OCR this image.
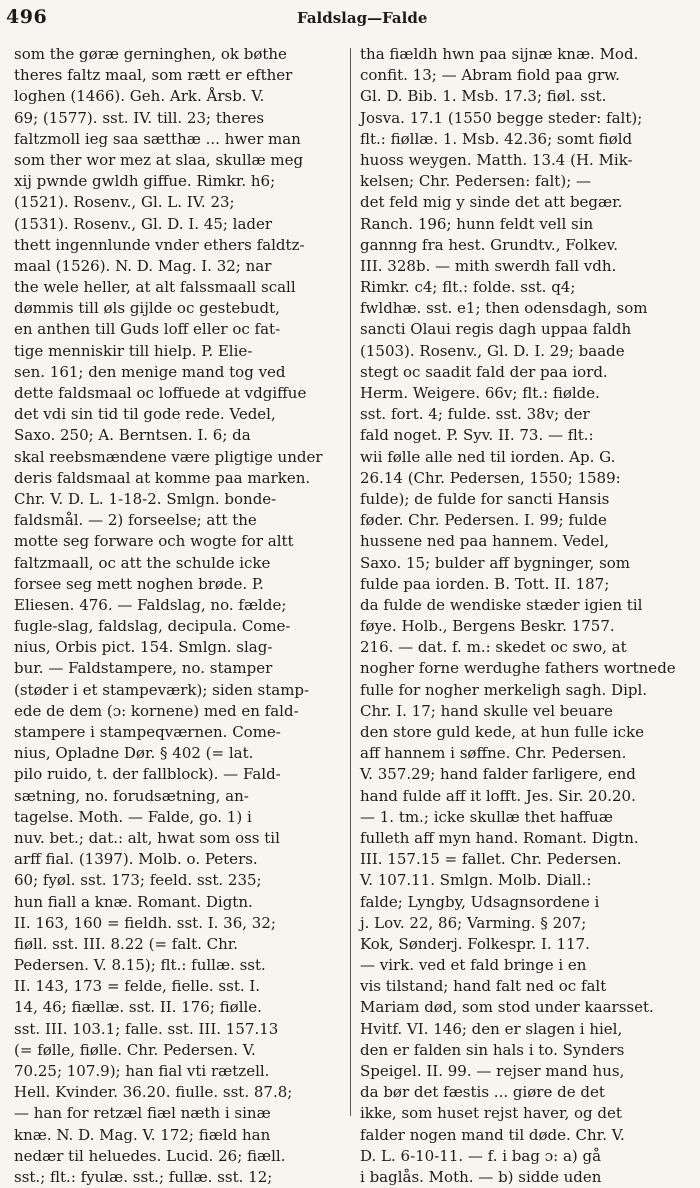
496	Faldslag—Falde
som the gøræ gerninghen, ok bøthe
theres faltz maal, som rætt er efther
loghen (1466). Geh. Ark. Årsb. V.
69; (1577). sst. IV. till. 23; theres
faltzmoll ieg saa sætthæ ... hwer man
som ther wor mez at slaa, skullæ meg
xij pwnde gwldh giffue. Rimkr. h6;
(1521). Rosenv., Gl. L. IV. 23;
(1531). Rosenv., Gl. D. I. 45; lader
thett ingennlunde vnder ethers faldtz-
maal (1526). N. D. Mag. I. 32; nar
the wele heller, at alt falssmaall scall
dømmis till øls gijlde oc gestebudt,
en anthen till Guds loff eller oc fat-
tige menniskir till hielp. P. Elie-
sen. 161; den menige mand tog ved
dette faldsmaal oc loffuede at vdgiffue
det vdi sin tid til gode rede. Vedel,
Saxo. 250; A. Berntsen. I. 6; da
skal reebsmændene være pligtige under
deris faldsmaal at komme paa marken.
Chr. V. D. L. 1-18-2. Smlgn. bonde-
faldsmål. — 2) forseelse; att the
motte seg forware och wogte for altt
faltzmaall, oc att the schulde icke
forsee seg mett noghen brøde. P.
Eliesen. 476. — Faldslag, no. fælde;
fugle-slag, faldslag, decipula. Come-
nius, Orbis pict. 154. Smlgn. slag-
bur. — Faldstampere, no. stamper
(støder i et stampeværk); siden stamp-
ede de dem (ɔ: kornene) med en fald-
stampere i stampeqværnen. Come-
nius, Opladne Dør. § 402 (= lat.
pilo ruido, t. der fallblock). — Fald-
sætning, no. forudsætning, an-
tagelse. Moth. — Falde, go. 1) i
nuv. bet.; dat.: alt, hwat som oss til
arff fial. (1397). Molb. o. Peters.
60; fyøl. sst. 173; feeld. sst. 235;
hun fiall a knæ. Romant. Digtn.
II. 163, 160 = fieldh. sst. I. 36, 32;
fiøll. sst. III. 8.22 (= falt. Chr.
Pedersen. V. 8.15); flt.: fullæ. sst.
II. 143, 173 = felde, fielle. sst. I.
14, 46; fiællæ. sst. II. 176; fiølle.
sst. III. 103.1; falle. sst. III. 157.13
(= følle, fiølle. Chr. Pedersen. V.
70.25; 107.9); han fial vti rætzell.
Hell. Kvinder. 36.20. fiulle. sst. 87.8;
— han for retzæl fiæl næth i sinæ
knæ. N. D. Mag. V. 172; fiæld han
nedær til heluedes. Lucid. 26; fiæll.
sst.; flt.: fyulæ. sst.; fullæ. sst. 12;
tha fiældh hwn paa sijnæ knæ. Mod.
confit. 13; — Abram fiold paa grw.
Gl. D. Bib. 1. Msb. 17.3; fiøl. sst.
Josva. 17.1 (1550 begge steder: falt);
flt.: fiøllæ. 1. Msb. 42.36; somt fiøld
huoss weygen. Matth. 13.4 (H. Mik-
kelsen; Chr. Pedersen: falt); —
det feld mig y sinde det att begær.
Ranch. 196; hunn feldt vell sin
gannng fra hest. Grundtv., Folkev.
III. 328b. — mith swerdh fall vdh.
Rimkr. c4; flt.: folde. sst. q4;
fwldhæ. sst. e1; then odensdagh, som
sancti Olaui regis dagh uppaa faldh
(1503). Rosenv., Gl. D. I. 29; baade
stegt oc saadit fald der paa iord.
Herm. Weigere. 66v; flt.: fiølde.
sst. fort. 4; fulde. sst. 38v; der
fald noget. P. Syv. II. 73. — flt.:
wii følle alle ned til iorden. Ap. G.
26.14 (Chr. Pedersen, 1550; 1589:
fulde); de fulde for sancti Hansis
føder. Chr. Pedersen. I. 99; fulde
hussene ned paa hannem. Vedel,
Saxo. 15; bulder aff bygninger, som
fulde paa iorden. B. Tott. II. 187;
da fulde de wendiske stæder igien til
føye. Holb., Bergens Beskr. 1757.
216. — dat. f. m.: skedet oc swo, at
nogher forne werdughe fathers wortnede
fulle for nogher merkeligh sagh. Dipl.
Chr. I. 17; hand skulle vel beuare
den store guld kede, at hun fulle icke
aff hannem i søffne. Chr. Pedersen.
V. 357.29; hand falder farligere, end
hand fulde aff it lofft. Jes. Sir. 20.20.
— 1. tm.; icke skullæ thet haffuæ
fulleth aff myn hand. Romant. Digtn.
III. 157.15 = fallet. Chr. Pedersen.
V. 107.11. Smlgn. Molb. Diall.:
falde; Lyngby, Udsagnsordene i
j. Lov. 22, 86; Varming. § 207;
Kok, Sønderj. Folkespr. I. 117.
— virk. ved et fald bringe i en
vis tilstand; hand falt ned oc falt
Mariam død, som stod under kaarsset.
Hvitf. VI. 146; den er slagen i hiel,
den er falden sin hals i to. Synders
Speigel. II. 99. — rejser mand hus,
da bør det fæstis ... giøre de det
ikke, som huset rejst haver, og det
falder nogen mand til døde. Chr. V.
D. L. 6-10-11. — f. i bag ɔ: a) gå
i baglås. Moth. — b) sidde uden
